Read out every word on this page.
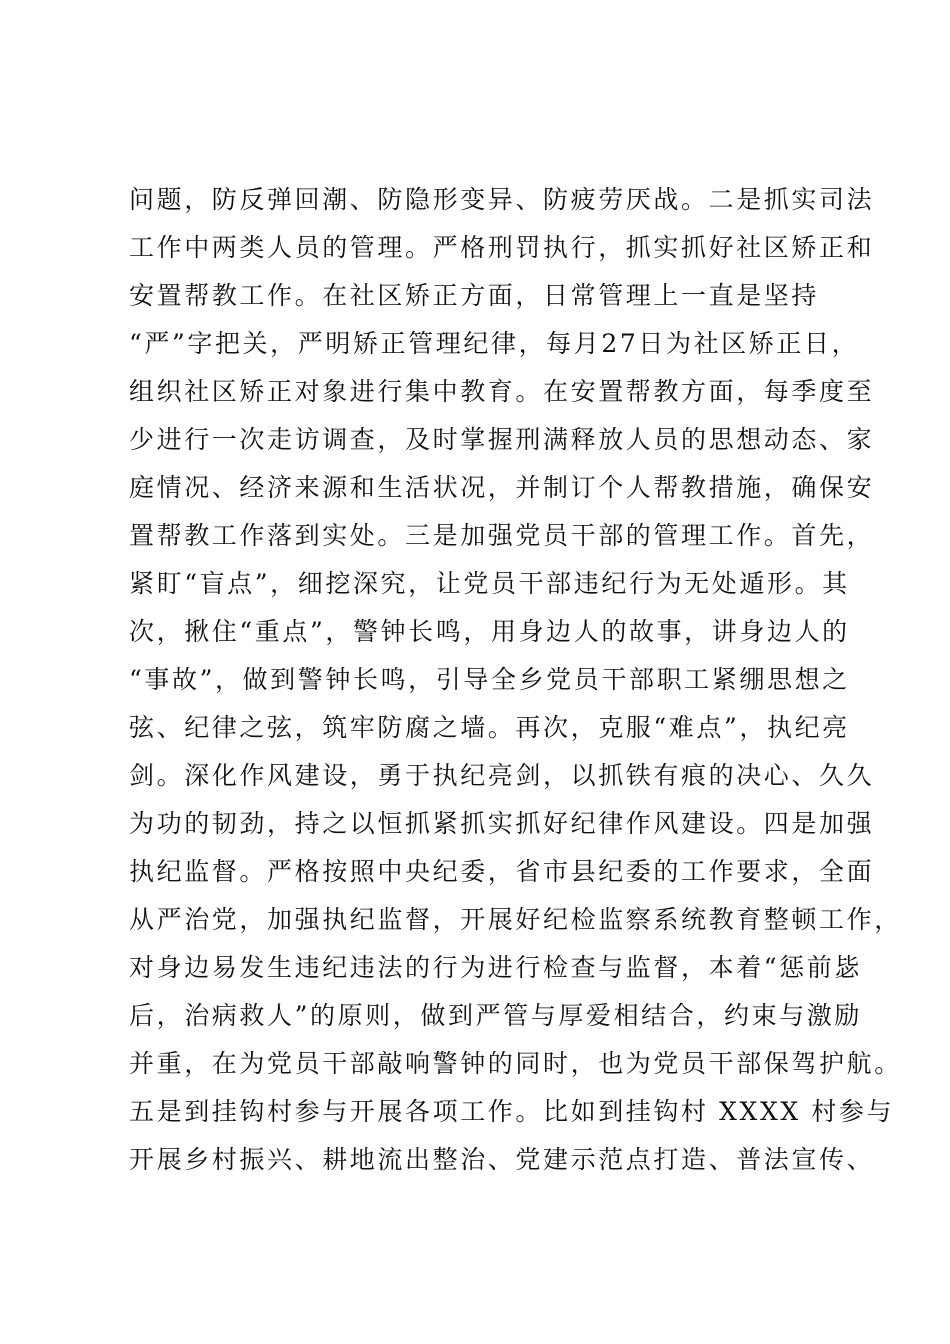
问题，防反弹回潮、防隐形变异、防疲劳厌战。二是抓实司法
工作中两类人员的管理。严格刑罚执行，抓实抓好社区矫正和
安置帮教工作。在社区矫正方面，日常管理上一直是坚持
“严”字把关，严明矫正管理纪律，每月27日为社区矫正日，
组织社区矫正对象进行集中教育。在安置帮教方面，每季度至
少进行一次走访调查，及时掌握刑满释放人员的思想动态、家
庭情况、经济来源和生活状况，并制订个人帮教措施，确保安
置帮教工作落到实处。三是加强党员干部的管理工作。首先，
紧盯“盲点”，细挖深究，让党员干部违纪行为无处遁形。其
次，揪住“重点”，警钟长鸣，用身边人的故事，讲身边人的
“事故”，做到警钟长鸣，引导全乡党员干部职工紧绷思想之
弦、纪律之弦，筑牢防腐之墙。再次，克服“难点”，执纪亮
剑。深化作风建设，勇于执纪亮剑，以抓铁有痕的决心、久久
为功的韧劲，持之以恒抓紧抓实抓好纪律作风建设。四是加强
执纪监督。严格按照中央纪委，省市县纪委的工作要求，全面
从严治党，加强执纪监督，开展好纪检监察系统教育整顿工作，
对身边易发生违纪违法的行为进行检查与监督，本着“惩前毖
后，治病救人”的原则，做到严管与厚爱相结合，约束与激励
并重，在为党员干部敲响警钟的同时，也为党员干部保驾护航。
五是到挂钩村参与开展各项工作。比如到挂钩村 XXXX 村参与
开展乡村振兴、耕地流出整治、党建示范点打造、普法宣传、
